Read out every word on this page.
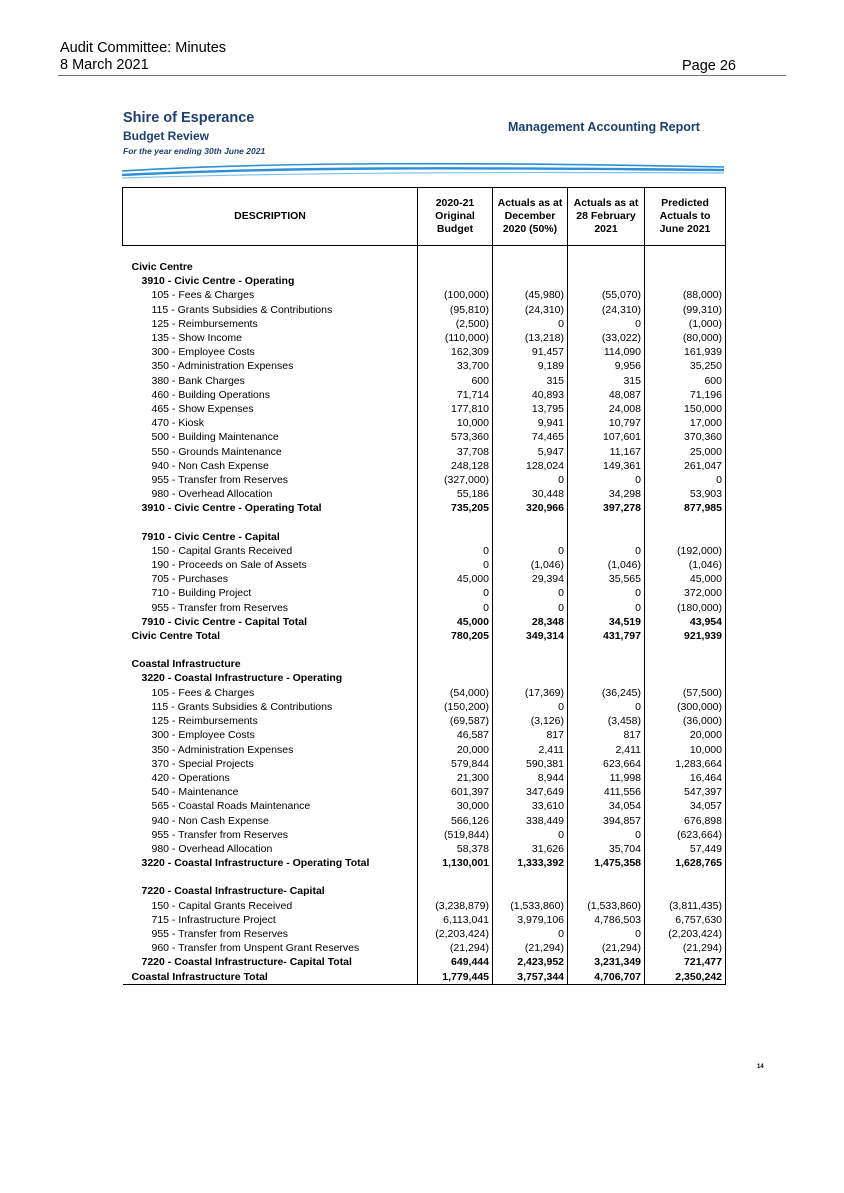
Audit Committee: Minutes
8 March 2021	Page 26
Shire of Esperance
Budget Review
For the year ending 30th June 2021
Management Accounting Report
DESCRIPTION	2020-21
Original
Budget	Actuals as at
December
2020 (50%)	Actuals as at
28 February
2021	Predicted
Actuals to
June 2021

Civic Centre				
3910 - Civic Centre - Operating				
105 - Fees & Charges	(100,000)	(45,980)	(55,070)	(88,000)
115 - Grants Subsidies & Contributions	(95,810)	(24,310)	(24,310)	(99,310)
125 - Reimbursements	(2,500)	0	0	(1,000)
135 - Show Income	(110,000)	(13,218)	(33,022)	(80,000)
300 - Employee Costs	162,309	91,457	114,090	161,939
350 - Administration Expenses	33,700	9,189	9,956	35,250
380 - Bank Charges	600	315	315	600
460 - Building Operations	71,714	40,893	48,087	71,196
465 - Show Expenses	177,810	13,795	24,008	150,000
470 - Kiosk	10,000	9,941	10,797	17,000
500 - Building Maintenance	573,360	74,465	107,601	370,360
550 - Grounds Maintenance	37,708	5,947	11,167	25,000
940 - Non Cash Expense	248,128	128,024	149,361	261,047
955 - Transfer from Reserves	(327,000)	0	0	0
980 - Overhead Allocation	55,186	30,448	34,298	53,903
3910 - Civic Centre - Operating Total	735,205	320,966	397,278	877,985

7910 - Civic Centre - Capital				
150 - Capital Grants Received	0	0	0	(192,000)
190 - Proceeds on Sale of Assets	0	(1,046)	(1,046)	(1,046)
705 - Purchases	45,000	29,394	35,565	45,000
710 - Building Project	0	0	0	372,000
955 - Transfer from Reserves	0	0	0	(180,000)
7910 - Civic Centre - Capital Total	45,000	28,348	34,519	43,954
Civic Centre Total	780,205	349,314	431,797	921,939

Coastal Infrastructure				
3220 - Coastal Infrastructure - Operating				
105 - Fees & Charges	(54,000)	(17,369)	(36,245)	(57,500)
115 - Grants Subsidies & Contributions	(150,200)	0	0	(300,000)
125 - Reimbursements	(69,587)	(3,126)	(3,458)	(36,000)
300 - Employee Costs	46,587	817	817	20,000
350 - Administration Expenses	20,000	2,411	2,411	10,000
370 - Special Projects	579,844	590,381	623,664	1,283,664
420 - Operations	21,300	8,944	11,998	16,464
540 - Maintenance	601,397	347,649	411,556	547,397
565 - Coastal Roads Maintenance	30,000	33,610	34,054	34,057
940 - Non Cash Expense	566,126	338,449	394,857	676,898
955 - Transfer from Reserves	(519,844)	0	0	(623,664)
980 - Overhead Allocation	58,378	31,626	35,704	57,449
3220 - Coastal Infrastructure - Operating Total	1,130,001	1,333,392	1,475,358	1,628,765

7220 - Coastal Infrastructure- Capital				
150 - Capital Grants Received	(3,238,879)	(1,533,860)	(1,533,860)	(3,811,435)
715 - Infrastructure Project	6,113,041	3,979,106	4,786,503	6,757,630
955 - Transfer from Reserves	(2,203,424)	0	0	(2,203,424)
960 - Transfer from Unspent Grant Reserves	(21,294)	(21,294)	(21,294)	(21,294)
7220 - Coastal Infrastructure- Capital Total	649,444	2,423,952	3,231,349	721,477
Coastal Infrastructure Total	1,779,445	3,757,344	4,706,707	2,350,242
14
